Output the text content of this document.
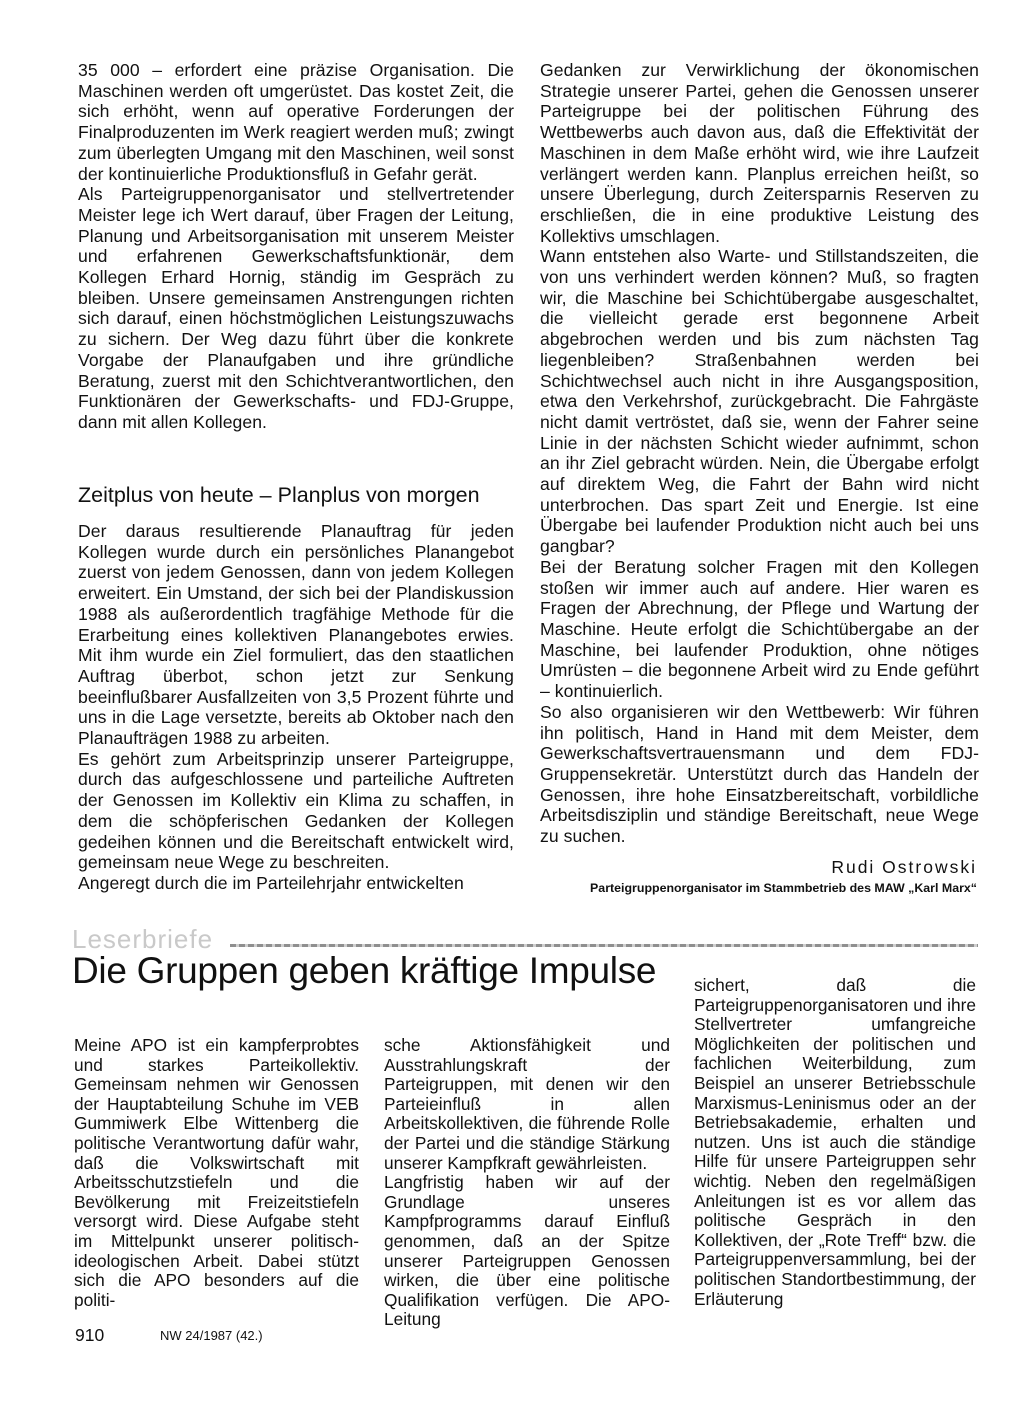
35 000 – erfordert eine präzise Organisation. Die Maschinen werden oft umgerüstet. Das kostet Zeit, die sich erhöht, wenn auf operative Forderungen der Finalproduzenten im Werk reagiert werden muß; zwingt zum überlegten Umgang mit den Maschinen, weil sonst der kontinuierliche Produktionsfluß in Gefahr gerät.

Als Parteigruppenorganisator und stellvertretender Meister lege ich Wert darauf, über Fragen der Leitung, Planung und Arbeitsorganisation mit unserem Meister und erfahrenen Gewerkschaftsfunktionär, dem Kollegen Erhard Hornig, ständig im Gespräch zu bleiben. Unsere gemeinsamen Anstrengungen richten sich darauf, einen höchstmöglichen Leistungszuwachs zu sichern. Der Weg dazu führt über die konkrete Vorgabe der Planaufgaben und ihre gründliche Beratung, zuerst mit den Schichtverantwortlichen, den Funktionären der Gewerkschafts- und FDJ-Gruppe, dann mit allen Kollegen.

Zeitplus von heute – Planplus von morgen

Der daraus resultierende Planauftrag für jeden Kollegen wurde durch ein persönliches Planangebot zuerst von jedem Genossen, dann von jedem Kollegen erweitert. Ein Umstand, der sich bei der Plandiskussion 1988 als außerordentlich tragfähige Methode für die Erarbeitung eines kollektiven Planangebotes erwies. Mit ihm wurde ein Ziel formuliert, das den staatlichen Auftrag überbot, schon jetzt zur Senkung beeinflußbarer Ausfallzeiten von 3,5 Prozent führte und uns in die Lage versetzte, bereits ab Oktober nach den Planaufträgen 1988 zu arbeiten.

Es gehört zum Arbeitsprinzip unserer Parteigruppe, durch das aufgeschlossene und parteiliche Auftreten der Genossen im Kollektiv ein Klima zu schaffen, in dem die schöpferischen Gedanken der Kollegen gedeihen können und die Bereitschaft entwickelt wird, gemeinsam neue Wege zu beschreiten.

Angeregt durch die im Parteilehrjahr entwickelten

Gedanken zur Verwirklichung der ökonomischen Strategie unserer Partei, gehen die Genossen unserer Parteigruppe bei der politischen Führung des Wettbewerbs auch davon aus, daß die Effektivität der Maschinen in dem Maße erhöht wird, wie ihre Laufzeit verlängert werden kann. Planplus erreichen heißt, so unsere Überlegung, durch Zeitersparnis Reserven zu erschließen, die in eine produktive Leistung des Kollektivs umschlagen.

Wann entstehen also Warte- und Stillstandszeiten, die von uns verhindert werden können? Muß, so fragten wir, die Maschine bei Schichtübergabe ausgeschaltet, die vielleicht gerade erst begonnene Arbeit abgebrochen werden und bis zum nächsten Tag liegenbleiben? Straßenbahnen werden bei Schichtwechsel auch nicht in ihre Ausgangsposition, etwa den Verkehrshof, zurückgebracht. Die Fahrgäste nicht damit vertröstet, daß sie, wenn der Fahrer seine Linie in der nächsten Schicht wieder aufnimmt, schon an ihr Ziel gebracht würden. Nein, die Übergabe erfolgt auf direktem Weg, die Fahrt der Bahn wird nicht unterbrochen. Das spart Zeit und Energie. Ist eine Übergabe bei laufender Produktion nicht auch bei uns gangbar?

Bei der Beratung solcher Fragen mit den Kollegen stoßen wir immer auch auf andere. Hier waren es Fragen der Abrechnung, der Pflege und Wartung der Maschine. Heute erfolgt die Schichtübergabe an der Maschine, bei laufender Produktion, ohne nötiges Umrüsten – die begonnene Arbeit wird zu Ende geführt – kontinuierlich.

So also organisieren wir den Wettbewerb: Wir führen ihn politisch, Hand in Hand mit dem Meister, dem Gewerkschaftsvertrauensmann und dem FDJ-Gruppensekretär. Unterstützt durch das Handeln der Genossen, ihre hohe Einsatzbereitschaft, vorbildliche Arbeitsdisziplin und ständige Bereitschaft, neue Wege zu suchen.

Rudi Ostrowski

Parteigruppenorganisator im Stammbetrieb des MAW „Karl Marx“

Leserbriefe

Die Gruppen geben kräftige Impulse

Meine APO ist ein kampferprobtes und starkes Parteikollektiv. Gemeinsam nehmen wir Genossen der Hauptabteilung Schuhe im VEB Gummiwerk Elbe Wittenberg die politische Verantwortung dafür wahr, daß die Volkswirtschaft mit Arbeitsschutzstiefeln und die Bevölkerung mit Freizeitstiefeln versorgt wird. Diese Aufgabe steht im Mittelpunkt unserer politisch-ideologischen Arbeit. Dabei stützt sich die APO besonders auf die politi-

sche Aktionsfähigkeit und Ausstrahlungskraft der Parteigruppen, mit denen wir den Parteieinfluß in allen Arbeitskollektiven, die führende Rolle der Partei und die ständige Stärkung unserer Kampfkraft gewährleisten.

Langfristig haben wir auf der Grundlage unseres Kampfprogramms darauf Einfluß genommen, daß an der Spitze unserer Parteigruppen Genossen wirken, die über eine politische Qualifikation verfügen. Die APO-Leitung

sichert, daß die Parteigruppenorganisatoren und ihre Stellvertreter umfangreiche Möglichkeiten der politischen und fachlichen Weiterbildung, zum Beispiel an unserer Betriebsschule Marxismus-Leninismus oder an der Betriebsakademie, erhalten und nutzen. Uns ist auch die ständige Hilfe für unsere Parteigruppen sehr wichtig. Neben den regelmäßigen Anleitungen ist es vor allem das politische Gespräch in den Kollektiven, der „Rote Treff“ bzw. die Parteigruppenversammlung, bei der politischen Standortbestimmung, der Erläuterung

910	NW 24/1987 (42.)
